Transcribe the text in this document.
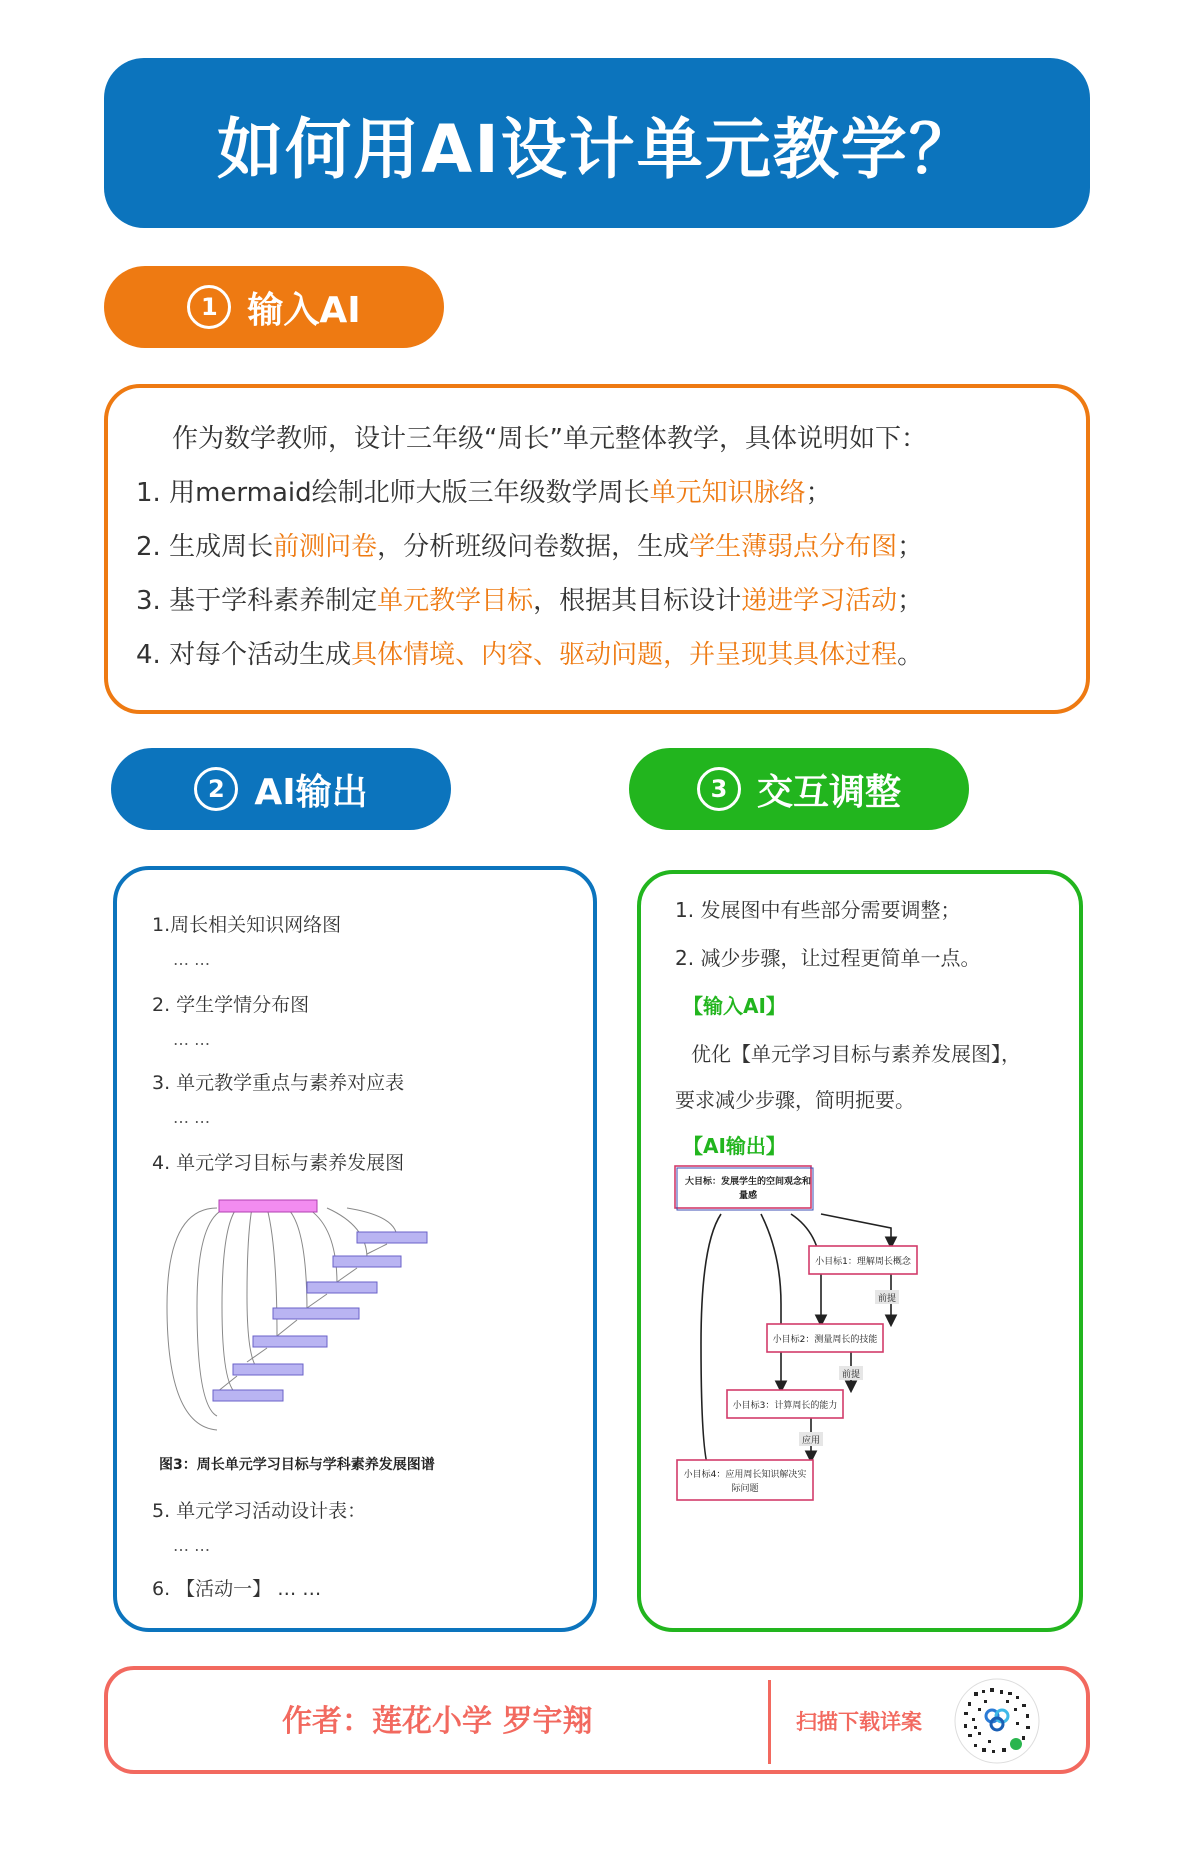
如何用AI设计单元教学？
1 输入AI
作为数学教师，设计三年级“周长”单元整体教学，具体说明如下：
1. 用mermaid绘制北师大版三年级数学周长单元知识脉络；
2. 生成周长前测问卷，分析班级问卷数据，生成学生薄弱点分布图；
3. 基于学科素养制定单元教学目标，根据其目标设计递进学习活动；
4. 对每个活动生成具体情境、内容、驱动问题，并呈现其具体过程。
2 AI输出	3 交互调整
1.周长相关知识网络图
… …
2. 学生学情分布图
… …
3. 单元教学重点与素养对应表
… …
4. 单元学习目标与素养发展图
图3：周长单元学习目标与学科素养发展图谱
5. 单元学习活动设计表：
… …
6. 【活动一】 … …
1. 发展图中有些部分需要调整；
2. 减少步骤，让过程更简单一点。
【输入AI】
优化【单元学习目标与素养发展图】，
要求减少步骤，简明扼要。
【AI输出】
前提
前提
应用
大目标：发展学生的空间观念和
量感
小目标1：理解周长概念
小目标2：测量周长的技能
小目标3：计算周长的能力
小目标4：应用周长知识解决实
际问题
作者：莲花小学 罗宇翔	扫描下载详案
